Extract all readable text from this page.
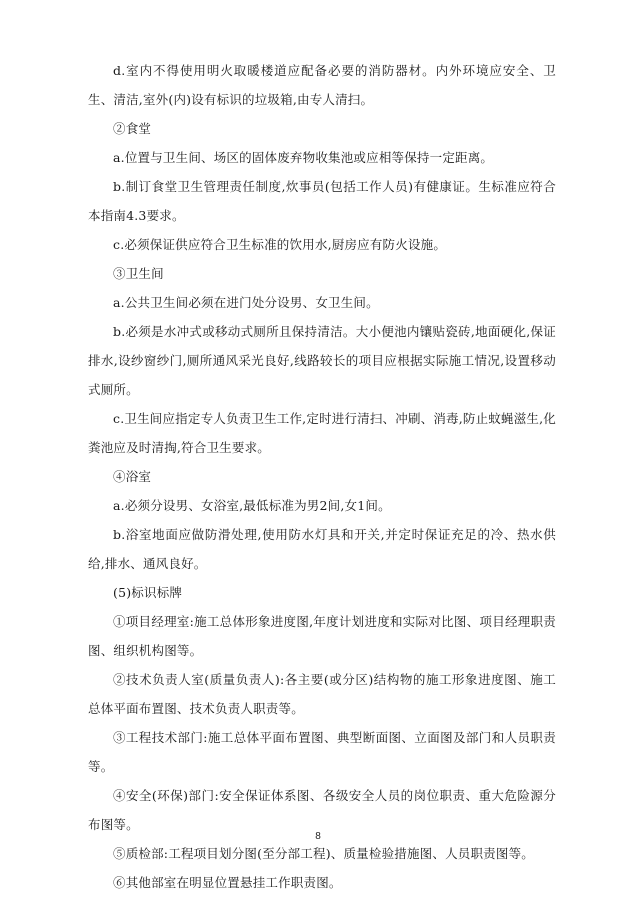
d.室内不得使用明火取暖楼道应配备必要的消防器材。内外环境应安全、卫生、清洁,室外(内)设有标识的垃圾箱,由专人清扫。

②食堂

a.位置与卫生间、场区的固体废弃物收集池或应相等保持一定距离。

b.制订食堂卫生管理责任制度,炊事员(包括工作人员)有健康证。生标准应符合本指南4.3要求。

c.必须保证供应符合卫生标准的饮用水,厨房应有防火设施。

③卫生间

a.公共卫生间必须在进门处分设男、女卫生间。

b.必须是水冲式或移动式厕所且保持清洁。大小便池内镶贴瓷砖,地面硬化,保证排水,设纱窗纱门,厕所通风采光良好,线路较长的项目应根据实际施工情况,设置移动式厕所。

c.卫生间应指定专人负责卫生工作,定时进行清扫、冲刷、消毒,防止蚊蝇滋生,化粪池应及时清掏,符合卫生要求。

④浴室

a.必须分设男、女浴室,最低标准为男2间,女1间。

b.浴室地面应做防滑处理,使用防水灯具和开关,并定时保证充足的冷、热水供给,排水、通风良好。

(5)标识标牌

①项目经理室:施工总体形象进度图,年度计划进度和实际对比图、项目经理职责图、组织机构图等。

②技术负责人室(质量负责人):各主要(或分区)结构物的施工形象进度图、施工总体平面布置图、技术负责人职责等。

③工程技术部门:施工总体平面布置图、典型断面图、立面图及部门和人员职责等。

④安全(环保)部门:安全保证体系图、各级安全人员的岗位职责、重大危险源分布图等。

⑤质检部:工程项目划分图(至分部工程)、质量检验措施图、人员职责图等。

⑥其他部室在明显位置悬挂工作职责图。

8
